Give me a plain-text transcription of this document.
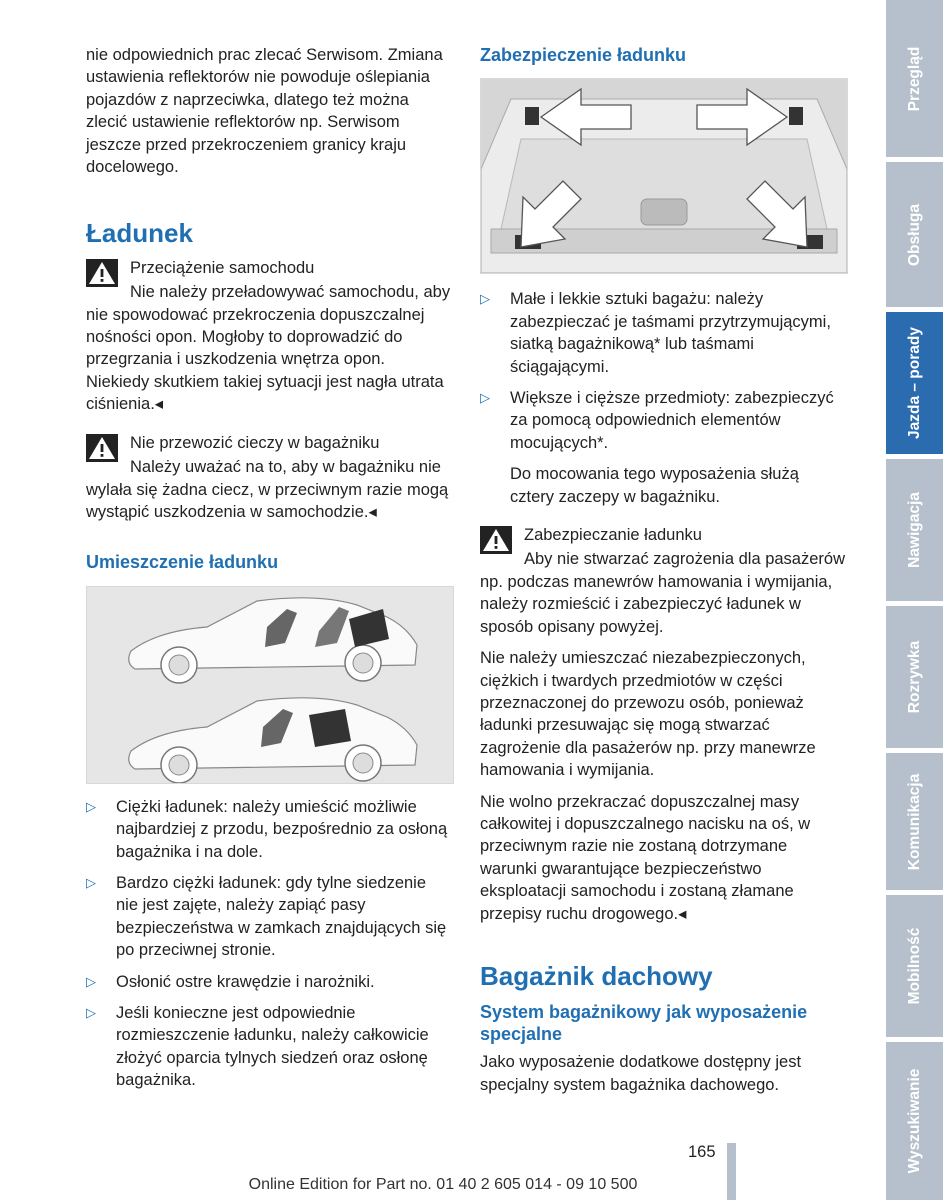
nie odpowiednich prac zlecać Serwisom. Zmiana ustawienia reflektorów nie powoduje oślepiania pojazdów z naprzeciwka, dlatego też można zlecić ustawienie reflektorów np. Serwisom jeszcze przed przekroczeniem granicy kraju docelowego.

Ładunek

Przeciążenie samochodu

Nie należy przeładowywać samochodu, aby nie spowodować przekroczenia dopuszczalnej nośności opon. Mogłoby to doprowadzić do przegrzania i uszkodzenia wnętrza opon. Niekiedy skutkiem takiej sytuacji jest nagła utrata ciśnienia.◂

Nie przewozić cieczy w bagażniku

Należy uważać na to, aby w bagażniku nie wylała się żadna ciecz, w przeciwnym razie mogą wystąpić uszkodzenia w samochodzie.◂

Umieszczenie ładunku
▷ Ciężki ładunek: należy umieścić możliwie najbardziej z przodu, bezpośrednio za osłoną bagażnika i na dole.
▷ Bardzo ciężki ładunek: gdy tylne siedzenie nie jest zajęte, należy zapiąć pasy bezpieczeństwa w zamkach znajdujących się po przeciwnej stronie.
▷ Osłonić ostre krawędzie i narożniki.
▷ Jeśli konieczne jest odpowiednie rozmieszczenie ładunku, należy całkowicie złożyć oparcia tylnych siedzeń oraz osłonę bagażnika.
Zabezpieczenie ładunku
▷ Małe i lekkie sztuki bagażu: należy zabezpieczać je taśmami przytrzymującymi, siatką bagażnikową* lub taśmami ściągającymi.
▷ Większe i cięższe przedmioty: zabezpieczyć za pomocą odpowiednich elementów mocujących*.

Do mocowania tego wyposażenia służą cztery zaczepy w bagażniku.

Zabezpieczanie ładunku

Aby nie stwarzać zagrożenia dla pasażerów np. podczas manewrów hamowania i wymijania, należy rozmieścić i zabezpieczyć ładunek w sposób opisany powyżej.

Nie należy umieszczać niezabezpieczonych, ciężkich i twardych przedmiotów w części przeznaczonej do przewozu osób, ponieważ ładunki przesuwając się mogą stwarzać zagrożenie dla pasażerów np. przy manewrze hamowania i wymijania.

Nie wolno przekraczać dopuszczalnej masy całkowitej i dopuszczalnego nacisku na oś, w przeciwnym razie nie zostaną dotrzymane warunki gwarantujące bezpieczeństwo eksploatacji samochodu i zostaną złamane przepisy ruchu drogowego.◂

Bagażnik dachowy
System bagażnikowy jak wyposażenie specjalne

Jako wyposażenie dodatkowe dostępny jest specjalny system bagażnika dachowego.

Przegląd
Obsługa
Jazda – porady
Nawigacja
Rozrywka
Komunikacja
Mobilność
Wyszukiwanie
165
Online Edition for Part no. 01 40 2 605 014 - 09 10 500
